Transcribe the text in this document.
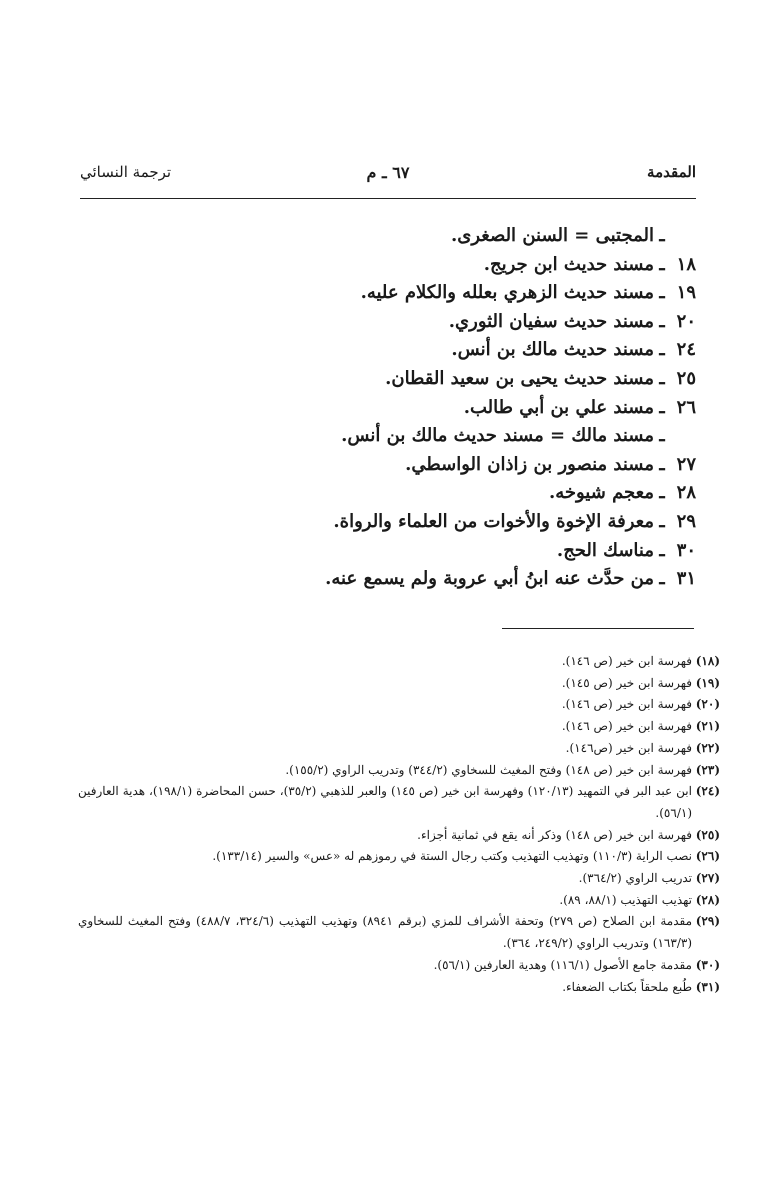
المقدمة
٦٧ ـ م
ترجمة النسائي
ـالمجتبى = السنن الصغرى.
١٨ـمسند حديث ابن جريج.
١٩ـمسند حديث الزهري بعلله والكلام عليه.
٢٠ـمسند حديث سفيان الثوري.
٢٤ـمسند حديث مالك بن أنس.
٢٥ـمسند حديث يحيى بن سعيد القطان.
٢٦ـمسند علي بن أبي طالب.
ـمسند مالك = مسند حديث مالك بن أنس.
٢٧ـمسند منصور بن زاذان الواسطي.
٢٨ـمعجم شيوخه.
٢٩ـمعرفة الإخوة والأخوات من العلماء والرواة.
٣٠ـمناسك الحج.
٣١ـمن حدَّث عنه ابنُ أبي عروبة ولم يسمع عنه.
(١٨)
فهرسة ابن خير (ص ١٤٦).
(١٩)
فهرسة ابن خير (ص ١٤٥).
(٢٠)
فهرسة ابن خير (ص ١٤٦).
(٢١)
فهرسة ابن خير (ص ١٤٦).
(٢٢)
فهرسة ابن خير (ص١٤٦).
(٢٣)
فهرسة ابن خير (ص ١٤٨) وفتح المغيث للسخاوي (٣٤٤/٢) وتدريب الراوي (١٥٥/٢).
(٢٤)
ابن عبد البر في التمهيد (١٢٠/١٣) وفهرسة ابن خير (ص ١٤٥) والعبر للذهبي (٣٥/٢)، حسن المحاضرة (١٩٨/١)، هدية العارفين (٥٦/١).
(٢٥)
فهرسة ابن خير (ص ١٤٨) وذكر أنه يقع في ثمانية أجزاء.
(٢٦)
نصب الراية (١١٠/٣) وتهذيب التهذيب وكتب رجال الستة في رموزهم له «عس» والسير (١٣٣/١٤).
(٢٧)
تدريب الراوي (٣٦٤/٢).
(٢٨)
تهذيب التهذيب (٨٨/١، ٨٩).
(٢٩)
مقدمة ابن الصلاح (ص ٢٧٩) وتحفة الأشراف للمزي (برقم ٨٩٤١) وتهذيب التهذيب (٣٢٤/٦، ٤٨٨/٧) وفتح المغيث للسخاوي (١٦٣/٣) وتدريب الراوي (٢٤٩/٢، ٣٦٤).
(٣٠)
مقدمة جامع الأصول (١١٦/١) وهدية العارفين (٥٦/١).
(٣١)
طُبع ملحقاً بكتاب الضعفاء.
